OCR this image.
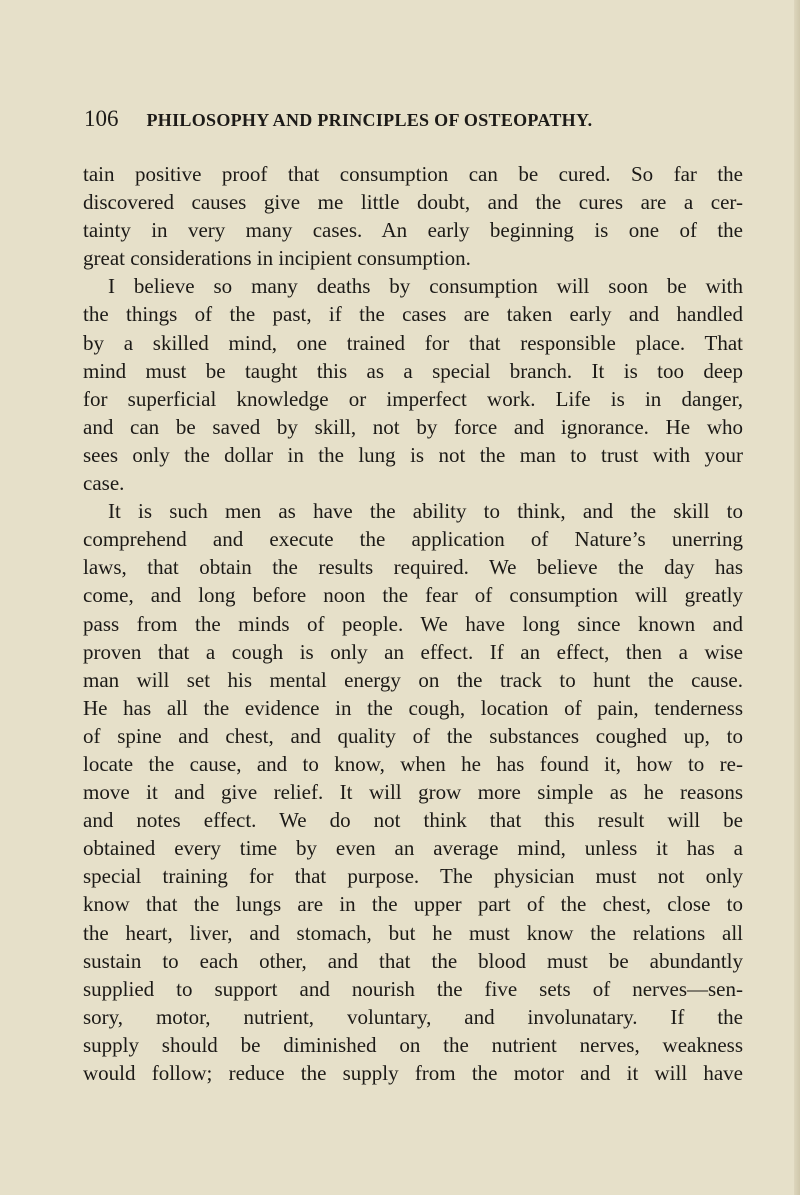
106 PHILOSOPHY AND PRINCIPLES OF OSTEOPATHY.
tain positive proof that consumption can be cured. So far the
discovered causes give me little doubt, and the cures are a cer-
tainty in very many cases. An early beginning is one of the
great considerations in incipient consumption.
I believe so many deaths by consumption will soon be with
the things of the past, if the cases are taken early and handled
by a skilled mind, one trained for that responsible place. That
mind must be taught this as a special branch. It is too deep
for superficial knowledge or imperfect work. Life is in danger,
and can be saved by skill, not by force and ignorance. He who
sees only the dollar in the lung is not the man to trust with your
case.
It is such men as have the ability to think, and the skill to
comprehend and execute the application of Nature’s unerring
laws, that obtain the results required. We believe the day has
come, and long before noon the fear of consumption will greatly
pass from the minds of people. We have long since known and
proven that a cough is only an effect. If an effect, then a wise
man will set his mental energy on the track to hunt the cause.
He has all the evidence in the cough, location of pain, tenderness
of spine and chest, and quality of the substances coughed up, to
locate the cause, and to know, when he has found it, how to re-
move it and give relief. It will grow more simple as he reasons
and notes effect. We do not think that this result will be
obtained every time by even an average mind, unless it has a
special training for that purpose. The physician must not only
know that the lungs are in the upper part of the chest, close to
the heart, liver, and stomach, but he must know the relations all
sustain to each other, and that the blood must be abundantly
supplied to support and nourish the five sets of nerves—sen-
sory, motor, nutrient, voluntary, and involunatary. If the
supply should be diminished on the nutrient nerves, weakness
would follow; reduce the supply from the motor and it will have
